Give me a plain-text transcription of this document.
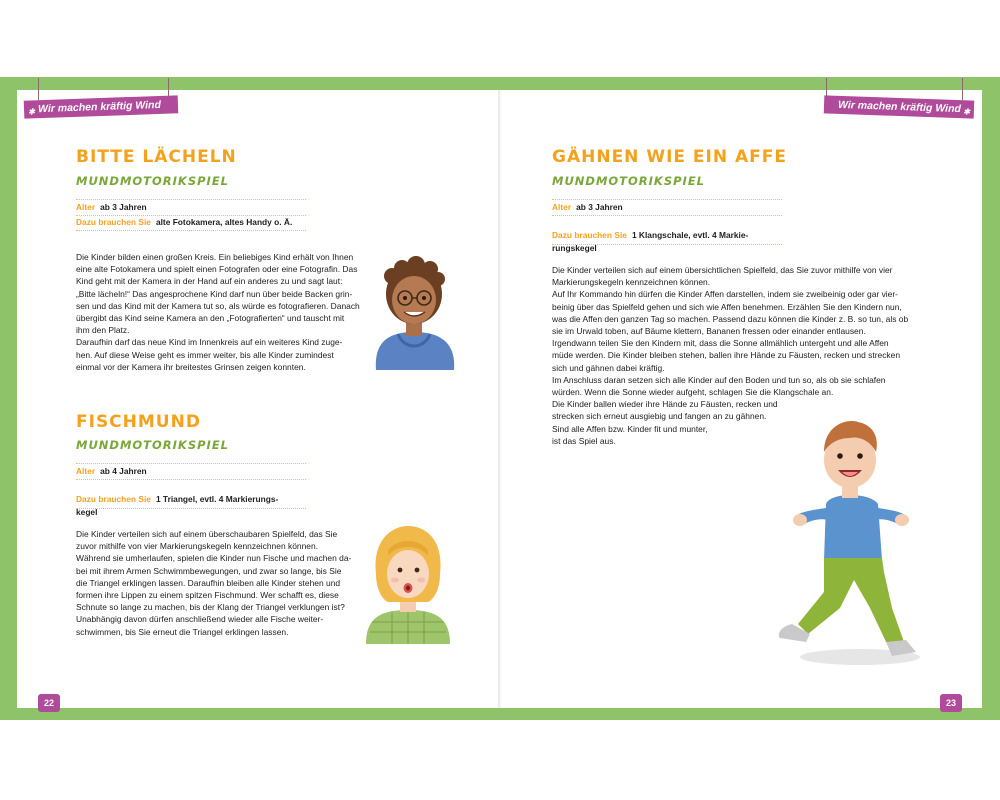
✱ Wir machen kräftig Wind	Wir machen kräftig Wind ✱
BITTE LÄCHELN
MUNDMOTORIKSPIEL
Alter ab 3 Jahren
Dazu brauchen Sie alte Fotokamera, altes Handy o. Ä.
Die Kinder bilden einen großen Kreis. Ein beliebiges Kind erhält von Ihnen
eine alte Fotokamera und spielt einen Fotografen oder eine Fotografin. Das
Kind geht mit der Kamera in der Hand auf ein anderes zu und sagt laut:
„Bitte lächeln!“ Das angesprochene Kind darf nun über beide Backen grin-
sen und das Kind mit der Kamera tut so, als würde es fotografieren. Danach
übergibt das Kind seine Kamera an den „Fotografierten“ und tauscht mit
ihm den Platz.
Daraufhin darf das neue Kind im Innenkreis auf ein weiteres Kind zuge-
hen. Auf diese Weise geht es immer weiter, bis alle Kinder zumindest
einmal vor der Kamera ihr breitestes Grinsen zeigen konnten.
FISCHMUND
MUNDMOTORIKSPIEL
Alter ab 4 Jahren

Dazu brauchen Sie 1 Triangel, evtl. 4 Markierungs-
kegel

Die Kinder verteilen sich auf einem überschaubaren Spielfeld, das Sie
zuvor mithilfe von vier Markierungskegeln kennzeichnen können.
Während sie umherlaufen, spielen die Kinder nun Fische und machen da-
bei mit ihrem Armen Schwimmbewegungen, und zwar so lange, bis Sie
die Triangel erklingen lassen. Daraufhin bleiben alle Kinder stehen und
formen ihre Lippen zu einem spitzen Fischmund. Wer schafft es, diese
Schnute so lange zu machen, bis der Klang der Triangel verklungen ist?
Unabhängig davon dürfen anschließend wieder alle Fische weiter-
schwimmen, bis Sie erneut die Triangel erklingen lassen.
GÄHNEN WIE EIN AFFE
MUNDMOTORIKSPIEL
Alter ab 3 Jahren

Dazu brauchen Sie 1 Klangschale, evtl. 4 Markie-
rungskegel

Die Kinder verteilen sich auf einem übersichtlichen Spielfeld, das Sie zuvor mithilfe von vier
Markierungskegeln kennzeichnen können.
Auf Ihr Kommando hin dürfen die Kinder Affen darstellen, indem sie zweibeinig oder gar vier-
beinig über das Spielfeld gehen und sich wie Affen benehmen. Erzählen Sie den Kindern nun,
was die Affen den ganzen Tag so machen. Passend dazu können die Kinder z. B. so tun, als ob
sie im Urwald toben, auf Bäume klettern, Bananen fressen oder einander entlausen.
Irgendwann teilen Sie den Kindern mit, dass die Sonne allmählich untergeht und alle Affen
müde werden. Die Kinder bleiben stehen, ballen ihre Hände zu Fäusten, recken und strecken
sich und gähnen dabei kräftig.
Im Anschluss daran setzen sich alle Kinder auf den Boden und tun so, als ob sie schlafen
würden. Wenn die Sonne wieder aufgeht, schlagen Sie die Klangschale an.
Die Kinder ballen wieder ihre Hände zu Fäusten, recken und
strecken sich erneut ausgiebig und fangen an zu gähnen.
Sind alle Affen bzw. Kinder fit und munter,
ist das Spiel aus.
22	23
